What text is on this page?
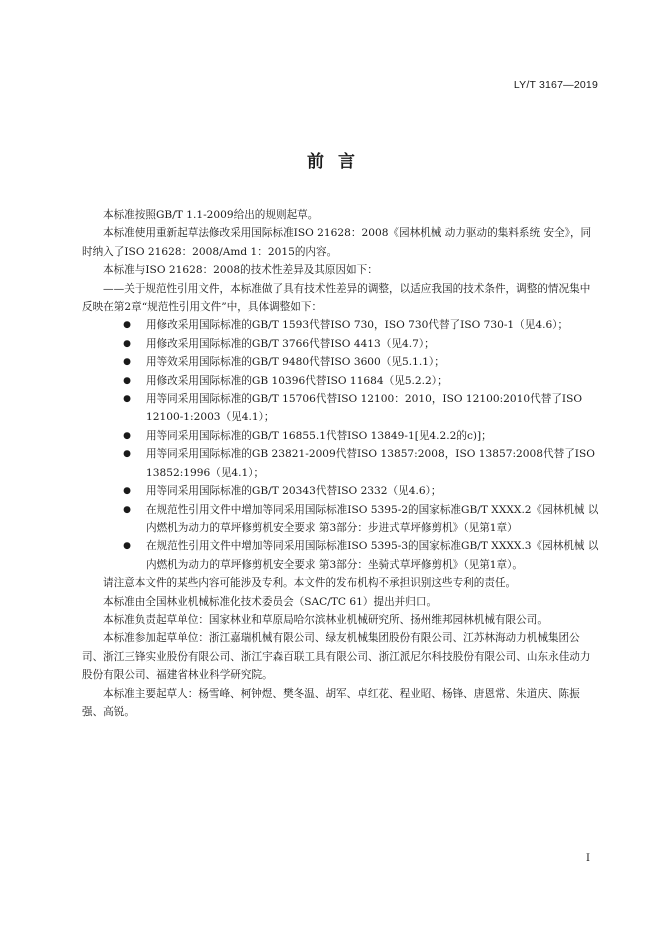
LY/T 3167—2019
前言

本标准按照GB/T 1.1-2009给出的规则起草。

本标准使用重新起草法修改采用国际标准ISO 21628：2008《园林机械 动力驱动的集料系统 安全》，同时纳入了ISO 21628：2008/Amd 1：2015的内容。

本标准与ISO 21628：2008的技术性差异及其原因如下：

——关于规范性引用文件，本标准做了具有技术性差异的调整，以适应我国的技术条件，调整的情况集中反映在第2章“规范性引用文件”中，具体调整如下：

● 用修改采用国际标准的GB/T 1593代替ISO 730，ISO 730代替了ISO 730-1（见4.6）；
● 用修改采用国际标准的GB/T 3766代替ISO 4413（见4.7）；
● 用等效采用国际标准的GB/T 9480代替ISO 3600（见5.1.1）；
● 用修改采用国际标准的GB 10396代替ISO 11684（见5.2.2）；
● 用等同采用国际标准的GB/T 15706代替ISO 12100：2010，ISO 12100:2010代替了ISO 12100-1:2003（见4.1）；
● 用等同采用国际标准的GB/T 16855.1代替ISO 13849-1[见4.2.2的c)]；
● 用等同采用国际标准的GB 23821-2009代替ISO 13857:2008，ISO 13857:2008代替了ISO 13852:1996（见4.1）；
● 用等同采用国际标准的GB/T 20343代替ISO 2332（见4.6）；
● 在规范性引用文件中增加等同采用国际标准ISO 5395-2的国家标准GB/T XXXX.2《园林机械 以内燃机为动力的草坪修剪机安全要求 第3部分：步进式草坪修剪机》（见第1章）
● 在规范性引用文件中增加等同采用国际标准ISO 5395-3的国家标准GB/T XXXX.3《园林机械 以内燃机为动力的草坪修剪机安全要求 第3部分：坐骑式草坪修剪机》（见第1章）。

请注意本文件的某些内容可能涉及专利。本文件的发布机构不承担识别这些专利的责任。

本标准由全国林业机械标准化技术委员会（SAC/TC 61）提出并归口。

本标准负责起草单位：国家林业和草原局哈尔滨林业机械研究所、扬州维邦园林机械有限公司。

本标准参加起草单位：浙江嘉瑞机械有限公司、绿友机械集团股份有限公司、江苏林海动力机械集团公司、浙江三锋实业股份有限公司、浙江宇森百联工具有限公司、浙江派尼尔科技股份有限公司、山东永佳动力股份有限公司、福建省林业科学研究院。

本标准主要起草人：杨雪峰、柯钟煜、樊冬温、胡军、卓红花、程业昭、杨锋、唐恩常、朱道庆、陈振强、高锐。

I
